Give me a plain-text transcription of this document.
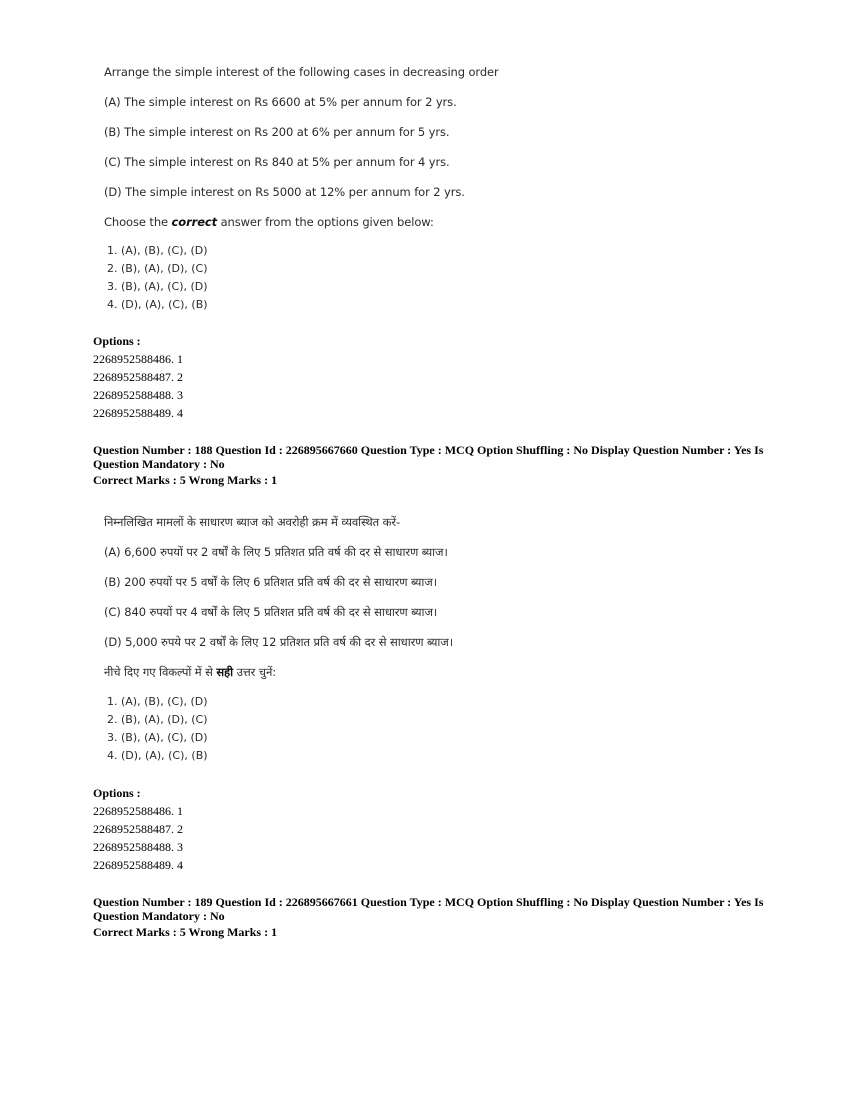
Arrange the simple interest of the following cases in decreasing order
(A) The simple interest on Rs 6600 at 5% per annum for 2 yrs.
(B) The simple interest on Rs 200 at 6% per annum for 5 yrs.
(C) The simple interest on Rs 840 at 5% per annum for 4 yrs.
(D) The simple interest on Rs 5000 at 12% per annum for 2 yrs.
Choose the correct answer from the options given below:
1. (A), (B), (C), (D)
2. (B), (A), (D), (C)
3. (B), (A), (C), (D)
4. (D), (A), (C), (B)
Options :
2268952588486. 1
2268952588487. 2
2268952588488. 3
2268952588489. 4
Question Number : 188 Question Id : 226895667660 Question Type : MCQ Option Shuffling : No Display Question Number : Yes Is Question Mandatory : No
Correct Marks : 5 Wrong Marks : 1
निम्नलिखित मामलों के साधारण ब्याज को अवरोही क्रम में व्यवस्थित करें-
(A) 6,600 रुपयों पर 2 वर्षों के लिए 5 प्रतिशत प्रति वर्ष की दर से साधारण ब्याज।
(B) 200 रुपयों पर 5 वर्षों के लिए 6 प्रतिशत प्रति वर्ष की दर से साधारण ब्याज।
(C) 840 रुपयों पर 4 वर्षों के लिए 5 प्रतिशत प्रति वर्ष की दर से साधारण ब्याज।
(D) 5,000 रुपये पर 2 वर्षों के लिए 12 प्रतिशत प्रति वर्ष की दर से साधारण ब्याज।
नीचे दिए गए विकल्पों में से सही उत्तर चुनें:
1. (A), (B), (C), (D)
2. (B), (A), (D), (C)
3. (B), (A), (C), (D)
4. (D), (A), (C), (B)
Options :
2268952588486. 1
2268952588487. 2
2268952588488. 3
2268952588489. 4
Question Number : 189 Question Id : 226895667661 Question Type : MCQ Option Shuffling : No Display Question Number : Yes Is Question Mandatory : No
Correct Marks : 5 Wrong Marks : 1
